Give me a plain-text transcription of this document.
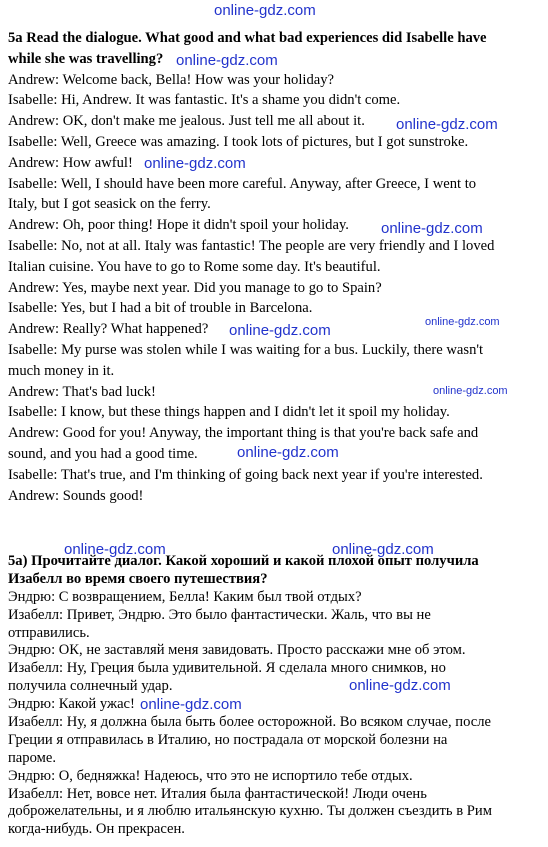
online-gdz.com
online-gdz.com
online-gdz.com
online-gdz.com
online-gdz.com
online-gdz.com	online-gdz.com
online-gdz.com
online-gdz.com
online-gdz.com	online-gdz.com
online-gdz.com
online-gdz.com
5a Read the dialogue. What good and what bad experiences did Isabelle have
while she was travelling?
Andrew: Welcome back, Bella! How was your holiday?
Isabelle: Hi, Andrew. It was fantastic. It's a shame you didn't come.
Andrew: OK, don't make me jealous. Just tell me all about it.
Isabelle: Well, Greece was amazing. I took lots of pictures, but I got sunstroke.
Andrew: How awful!
Isabelle: Well, I should have been more careful. Anyway, after Greece, I went to
Italy, but I got seasick on the ferry.
Andrew: Oh, poor thing! Hope it didn't spoil your holiday.
Isabelle: No, not at all. Italy was fantastic! The people are very friendly and I loved
Italian cuisine. You have to go to Rome some day. It's beautiful.
Andrew: Yes, maybe next year. Did you manage to go to Spain?
Isabelle: Yes, but I had a bit of trouble in Barcelona.
Andrew: Really? What happened?
Isabelle: My purse was stolen while I was waiting for a bus. Luckily, there wasn't
much money in it.
Andrew: That's bad luck!
Isabelle: I know, but these things happen and I didn't let it spoil my holiday.
Andrew: Good for you! Anyway, the important thing is that you're back safe and
sound, and you had a good time.
Isabelle: That's true, and I'm thinking of going back next year if you're interested.
Andrew: Sounds good!
5а) Прочитайте диалог. Какой хороший и какой плохой опыт получила
Изабелл во время своего путешествия?
Эндрю: С возвращением, Белла! Каким был твой отдых?
Изабелл: Привет, Эндрю. Это было фантастически. Жаль, что вы не
отправились.
Эндрю: ОК, не заставляй меня завидовать. Просто расскажи мне об этом.
Изабелл: Ну, Греция была удивительной. Я сделала много снимков, но
получила солнечный удар.
Эндрю: Какой ужас!
Изабелл: Ну, я должна была быть более осторожной. Во всяком случае, после
Греции я отправилась в Италию, но пострадала от морской болезни на
пароме.
Эндрю: О, бедняжка! Надеюсь, что это не испортило тебе отдых.
Изабелл: Нет, вовсе нет. Италия была фантастической! Люди очень
доброжелательны, и я люблю итальянскую кухню. Ты должен съездить в Рим
когда-нибудь. Он прекрасен.
